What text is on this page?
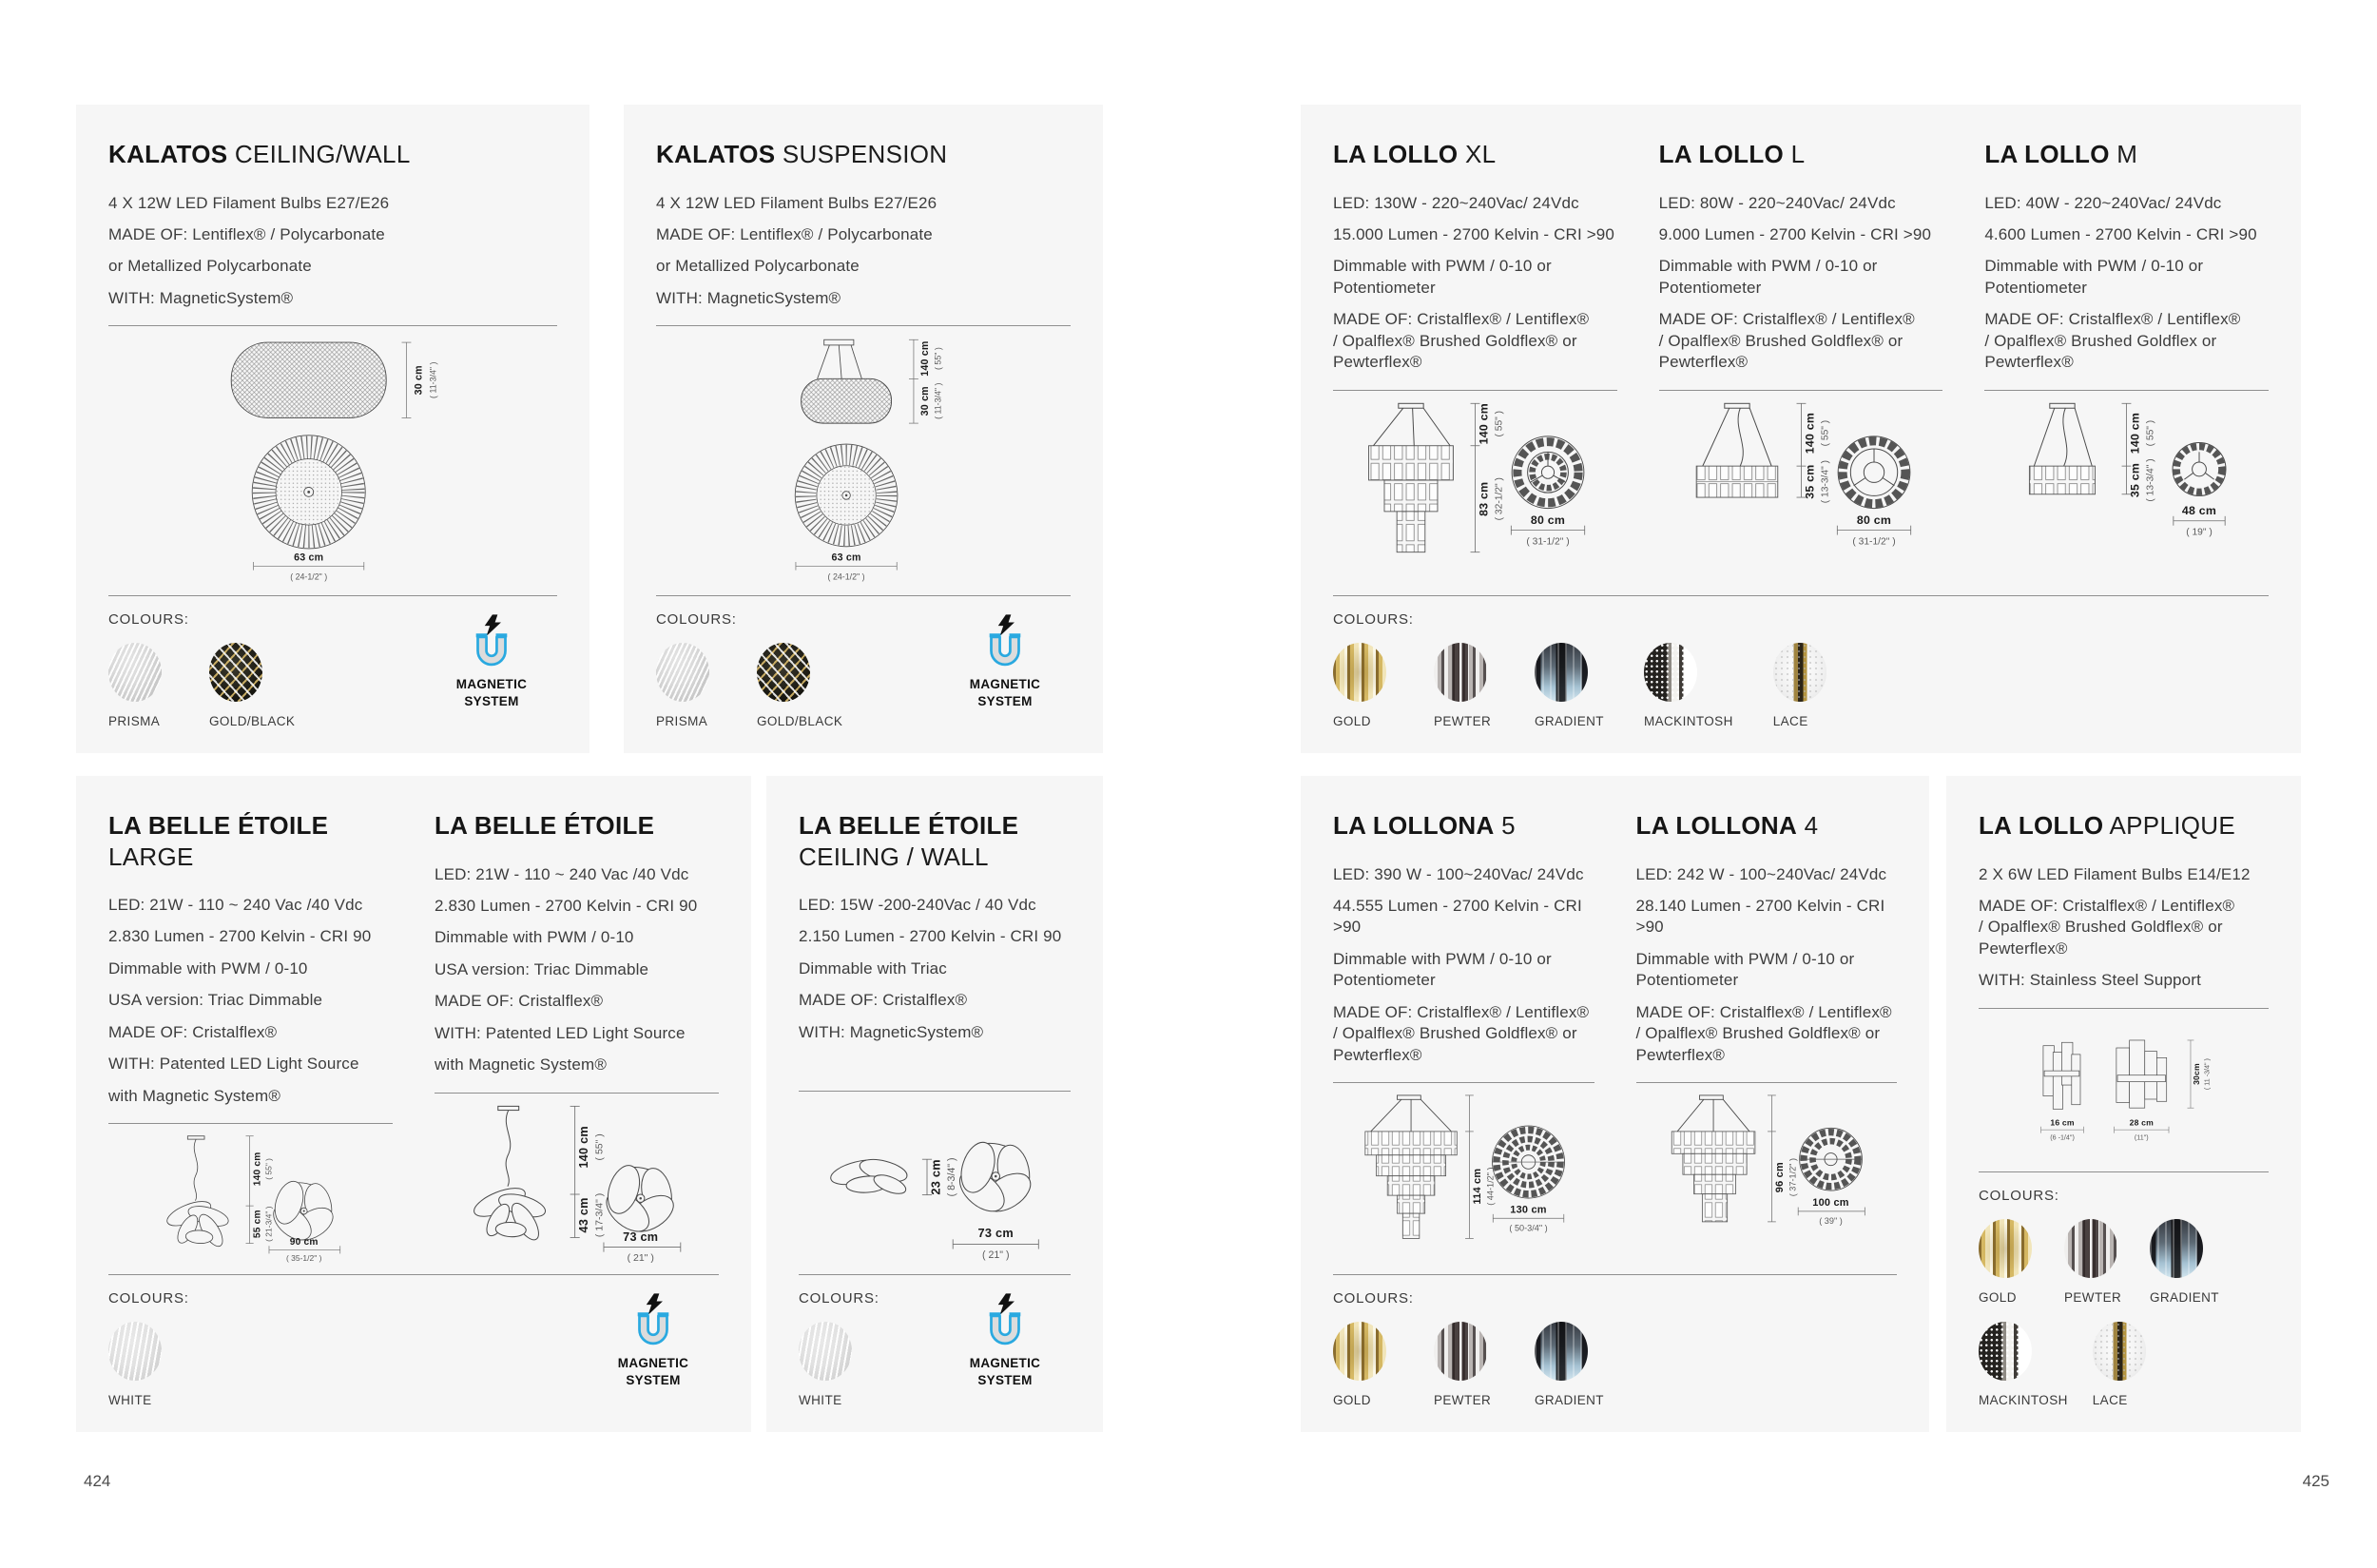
KALATOS CEILING/WALL

4 X 12W LED Filament Bulbs E27/E26

MADE OF: Lentiflex® / Polycarbonate

or Metallized Polycarbonate

WITH: MagneticSystem®

30 cm ( 11-3/4" )
63 cm
( 24-1/2" )
COLOURS:
PRISMA	GOLD/BLACK
MAGNETIC
SYSTEM
KALATOS SUSPENSION

4 X 12W LED Filament Bulbs E27/E26

MADE OF: Lentiflex® / Polycarbonate

or Metallized Polycarbonate

WITH: MagneticSystem®

140 cm ( 55" )
30 cm ( 11-3/4" )
63 cm
( 24-1/2" )
COLOURS:
PRISMA	GOLD/BLACK
MAGNETIC
SYSTEM
LA BELLE ÉTOILE LARGE

LED: 21W - 110 ~ 240 Vac /40 Vdc

2.830 Lumen - 2700 Kelvin - CRI 90

Dimmable with PWM / 0-10

USA version: Triac Dimmable

MADE OF: Cristalflex®

WITH: Patented LED Light Source

with Magnetic System®

140 cm ( 55" )
55 cm ( 21-3/4" )
90 cm
( 35-1/2" )
LA BELLE ÉTOILE

LED: 21W - 110 ~ 240 Vac /40 Vdc

2.830 Lumen - 2700 Kelvin - CRI 90

Dimmable with PWM / 0-10

USA version: Triac Dimmable

MADE OF: Cristalflex®

WITH: Patented LED Light Source

with Magnetic System®

140 cm ( 55" )
43 cm ( 17-3/4" ) 73 cm
( 21" )
COLOURS:
WHITE
MAGNETIC
SYSTEM
LA BELLE ÉTOILE
CEILING / WALL

LED: 15W -200-240Vac / 40 Vdc

2.150 Lumen - 2700 Kelvin - CRI 90

Dimmable with Triac

MADE OF: Cristalflex®

WITH: MagneticSystem®

23 cm ( 8-3/4" )
73 cm
( 21" )
COLOURS:
WHITE
MAGNETIC
SYSTEM
LA LOLLO XL

LED: 130W - 220~240Vac/ 24Vdc

15.000 Lumen - 2700 Kelvin - CRI >90

Dimmable with PWM / 0-10 or
Potentiometer

MADE OF: Cristalflex® / Lentiflex®
/ Opalflex® Brushed Goldflex® or
Pewterflex®

140 cm ( 55" )
83 cm ( 32-1/2" ) 80 cm
( 31-1/2" )
LA LOLLO L

LED: 80W - 220~240Vac/ 24Vdc

9.000 Lumen - 2700 Kelvin - CRI >90

Dimmable with PWM / 0-10 or
Potentiometer

MADE OF: Cristalflex® / Lentiflex®
/ Opalflex® Brushed Goldflex® or
Pewterflex®

140 cm ( 55" )
35 cm ( 13-3/4" )
80 cm
( 31-1/2" )
LA LOLLO M

LED: 40W - 220~240Vac/ 24Vdc

4.600 Lumen - 2700 Kelvin - CRI >90

Dimmable with PWM / 0-10 or
Potentiometer

MADE OF: Cristalflex® / Lentiflex®
/ Opalflex® Brushed Goldflex or
Pewterflex®

140 cm ( 55" )
35 cm ( 13-3/4" )
48 cm
( 19" )
COLOURS:
GOLD	PEWTER	GRADIENT	MACKINTOSH	LACE
LA LOLLONA 5

LED: 390 W - 100~240Vac/ 24Vdc

44.555 Lumen - 2700 Kelvin - CRI >90

Dimmable with PWM / 0-10 or
Potentiometer

MADE OF: Cristalflex® / Lentiflex®
/ Opalflex® Brushed Goldflex® or
Pewterflex®

114 cm ( 44-1/2" )
130 cm
( 50-3/4" )
LA LOLLONA 4

LED: 242 W - 100~240Vac/ 24Vdc

28.140 Lumen - 2700 Kelvin - CRI >90

Dimmable with PWM / 0-10 or
Potentiometer

MADE OF: Cristalflex® / Lentiflex®
/ Opalflex® Brushed Goldflex® or
Pewterflex®

96 cm ( 37-1/2" )
100 cm
( 39" )
COLOURS:
GOLD	PEWTER	GRADIENT
LA LOLLO APPLIQUE

2 X 6W LED Filament Bulbs E14/E12

MADE OF: Cristalflex® / Lentiflex®
/ Opalflex® Brushed Goldflex® or
Pewterflex®

WITH: Stainless Steel Support

16 cm
(6 -1/4")
28 cm
(11")
30cm ( 11 -3/4" )
COLOURS:
GOLD	PEWTER GRADIENT
MACKINTOSH LACE
424	425
